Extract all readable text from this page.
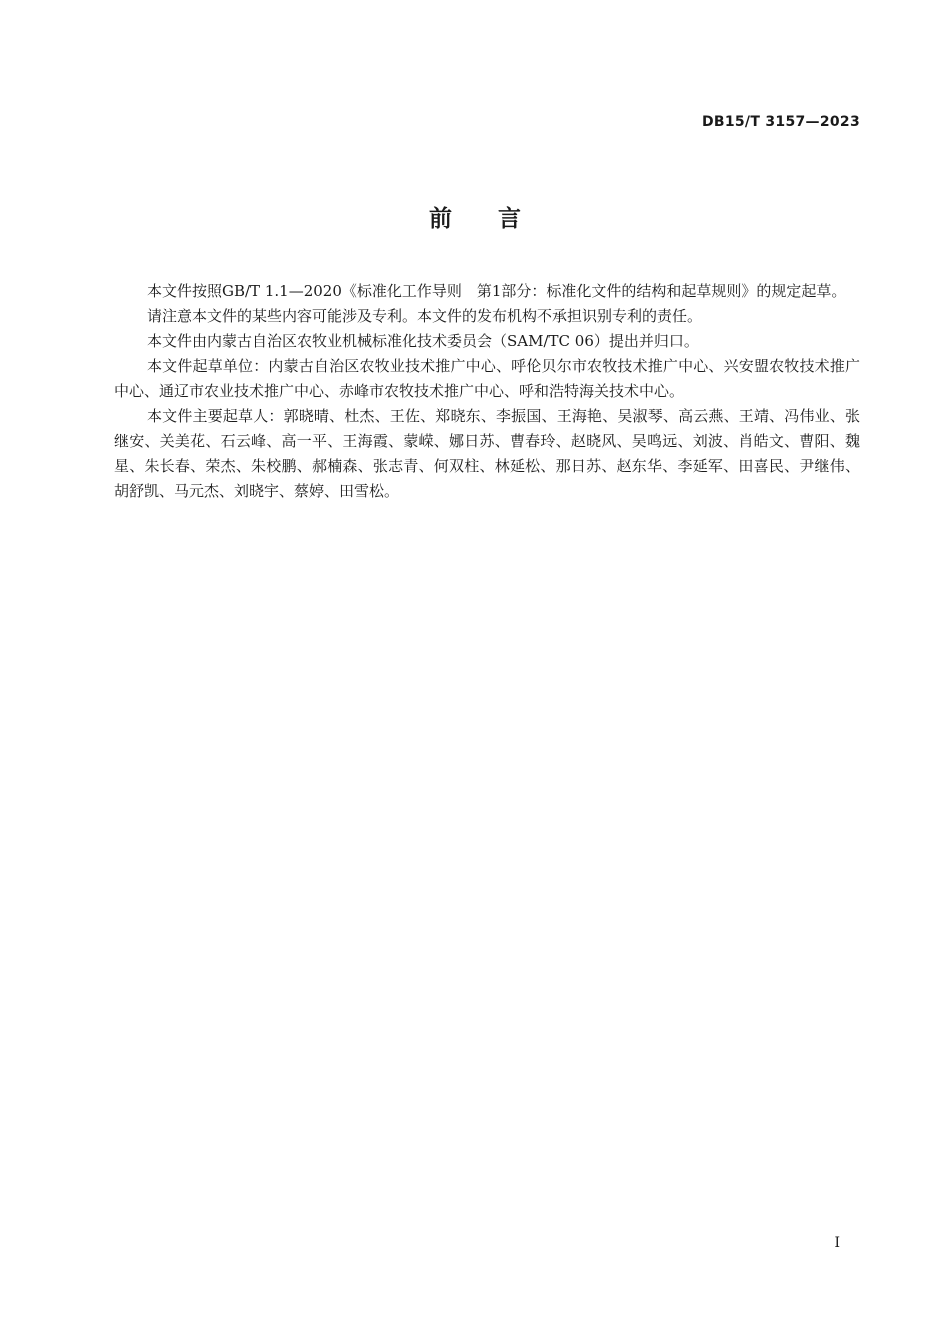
DB15/T 3157—2023
前言

本文件按照GB/T 1.1—2020《标准化工作导则　第1部分：标准化文件的结构和起草规则》的规定起草。

请注意本文件的某些内容可能涉及专利。本文件的发布机构不承担识别专利的责任。

本文件由内蒙古自治区农牧业机械标准化技术委员会（SAM/TC 06）提出并归口。

本文件起草单位：内蒙古自治区农牧业技术推广中心、呼伦贝尔市农牧技术推广中心、兴安盟农牧技术推广中心、通辽市农业技术推广中心、赤峰市农牧技术推广中心、呼和浩特海关技术中心。

本文件主要起草人：郭晓晴、杜杰、王佐、郑晓东、李振国、王海艳、吴淑琴、高云燕、王靖、冯伟业、张继安、关美花、石云峰、高一平、王海霞、蒙嵘、娜日苏、曹春玲、赵晓风、吴鸣远、刘波、肖皓文、曹阳、魏星、朱长春、荣杰、朱校鹏、郝楠森、张志青、何双柱、林延松、那日苏、赵东华、李延军、田喜民、尹继伟、胡舒凯、马元杰、刘晓宇、蔡婷、田雪松。

I
